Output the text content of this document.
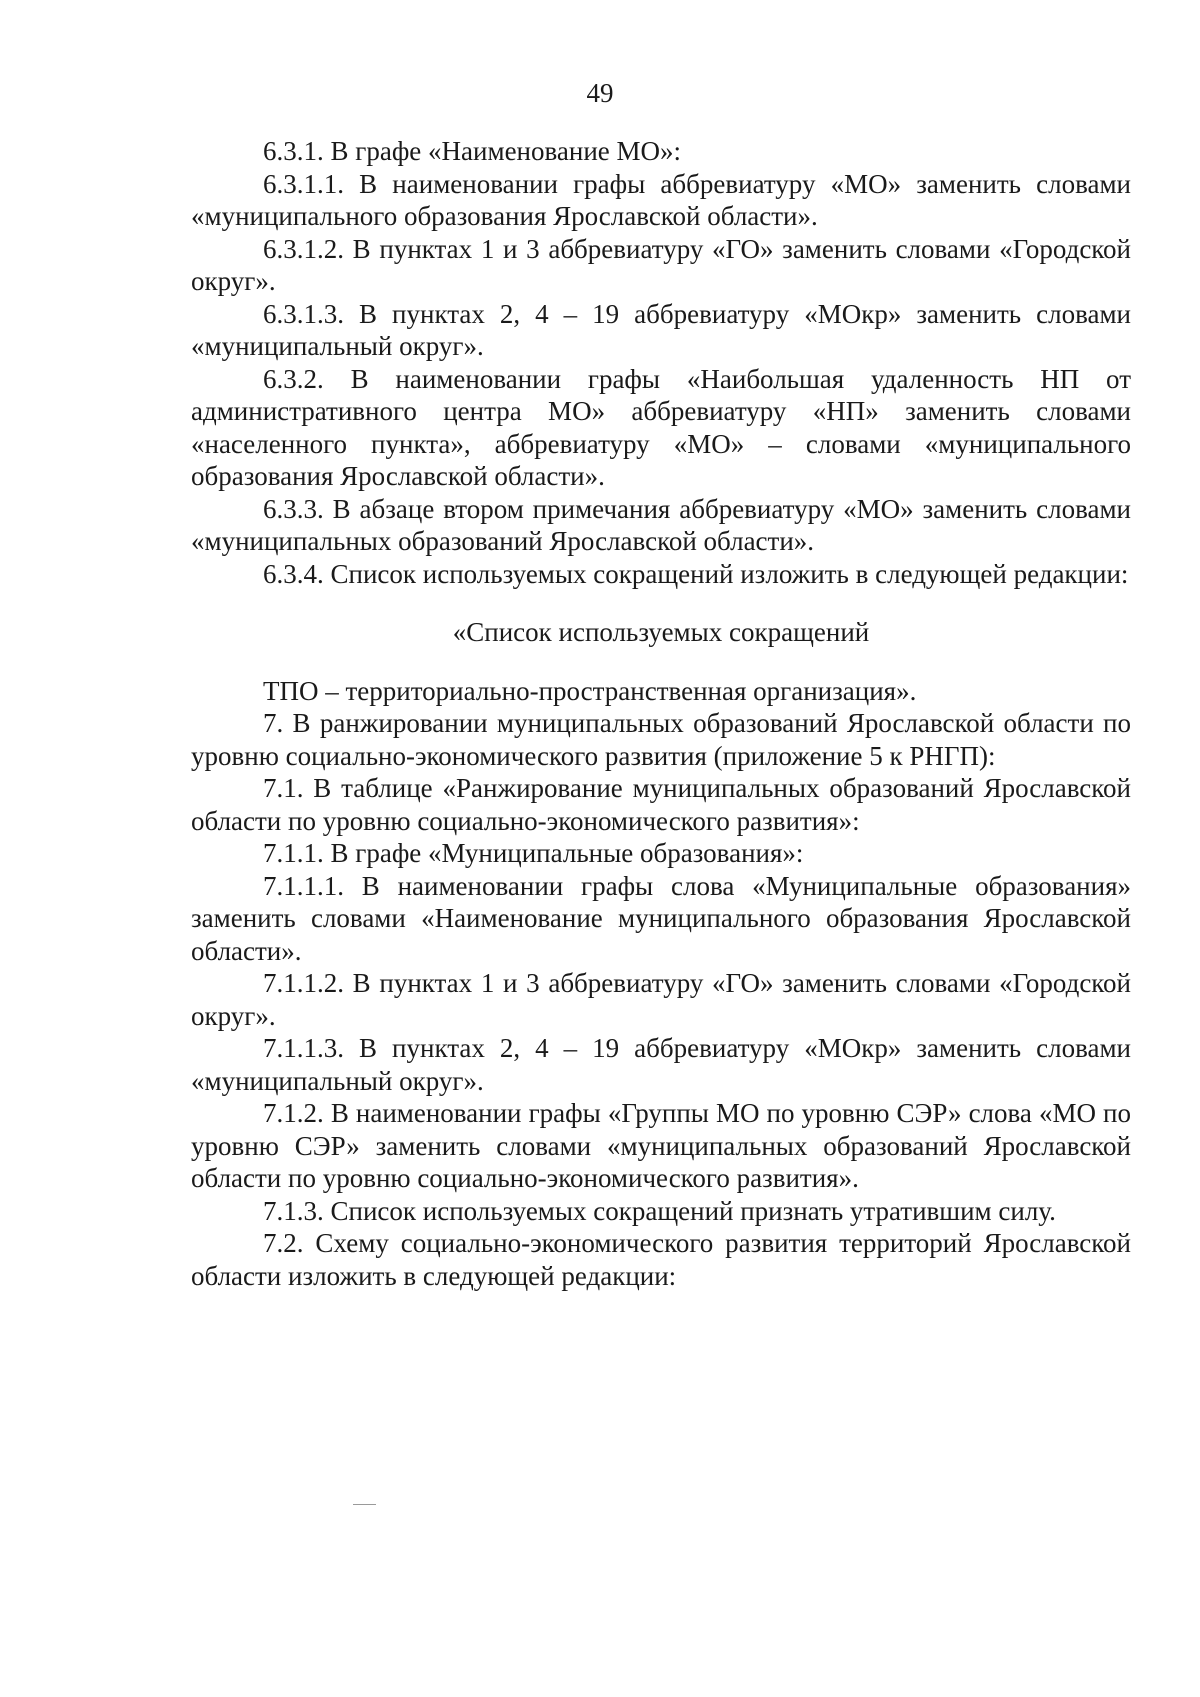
49

6.3.1. В графе «Наименование МО»:

6.3.1.1. В наименовании графы аббревиатуру «МО» заменить словами «муниципального образования Ярославской области».

6.3.1.2. В пунктах 1 и 3 аббревиатуру «ГО» заменить словами «Городской округ».

6.3.1.3. В пунктах 2, 4 – 19 аббревиатуру «МОкр» заменить словами «муниципальный округ».

6.3.2. В наименовании графы «Наибольшая удаленность НП от административного центра МО» аббревиатуру «НП» заменить словами «населенного пункта», аббревиатуру «МО» – словами «муниципального образования Ярославской области».

6.3.3. В абзаце втором примечания аббревиатуру «МО» заменить словами «муниципальных образований Ярославской области».

6.3.4. Список используемых сокращений изложить в следующей редакции:

«Список используемых сокращений

ТПО – территориально-пространственная организация».

7. В ранжировании муниципальных образований Ярославской области по уровню социально-экономического развития (приложение 5 к РНГП):

7.1. В таблице «Ранжирование муниципальных образований Ярославской области по уровню социально-экономического развития»:

7.1.1. В графе «Муниципальные образования»:

7.1.1.1. В наименовании графы слова «Муниципальные образования» заменить словами «Наименование муниципального образования Ярославской области».

7.1.1.2. В пунктах 1 и 3 аббревиатуру «ГО» заменить словами «Городской округ».

7.1.1.3. В пунктах 2, 4 – 19 аббревиатуру «МОкр» заменить словами «муниципальный округ».

7.1.2. В наименовании графы «Группы МО по уровню СЭР» слова «МО по уровню СЭР» заменить словами «муниципальных образований Ярославской области по уровню социально-экономического развития».

7.1.3. Список используемых сокращений признать утратившим силу.

7.2. Схему социально-экономического развития территорий Ярославской области изложить в следующей редакции:
